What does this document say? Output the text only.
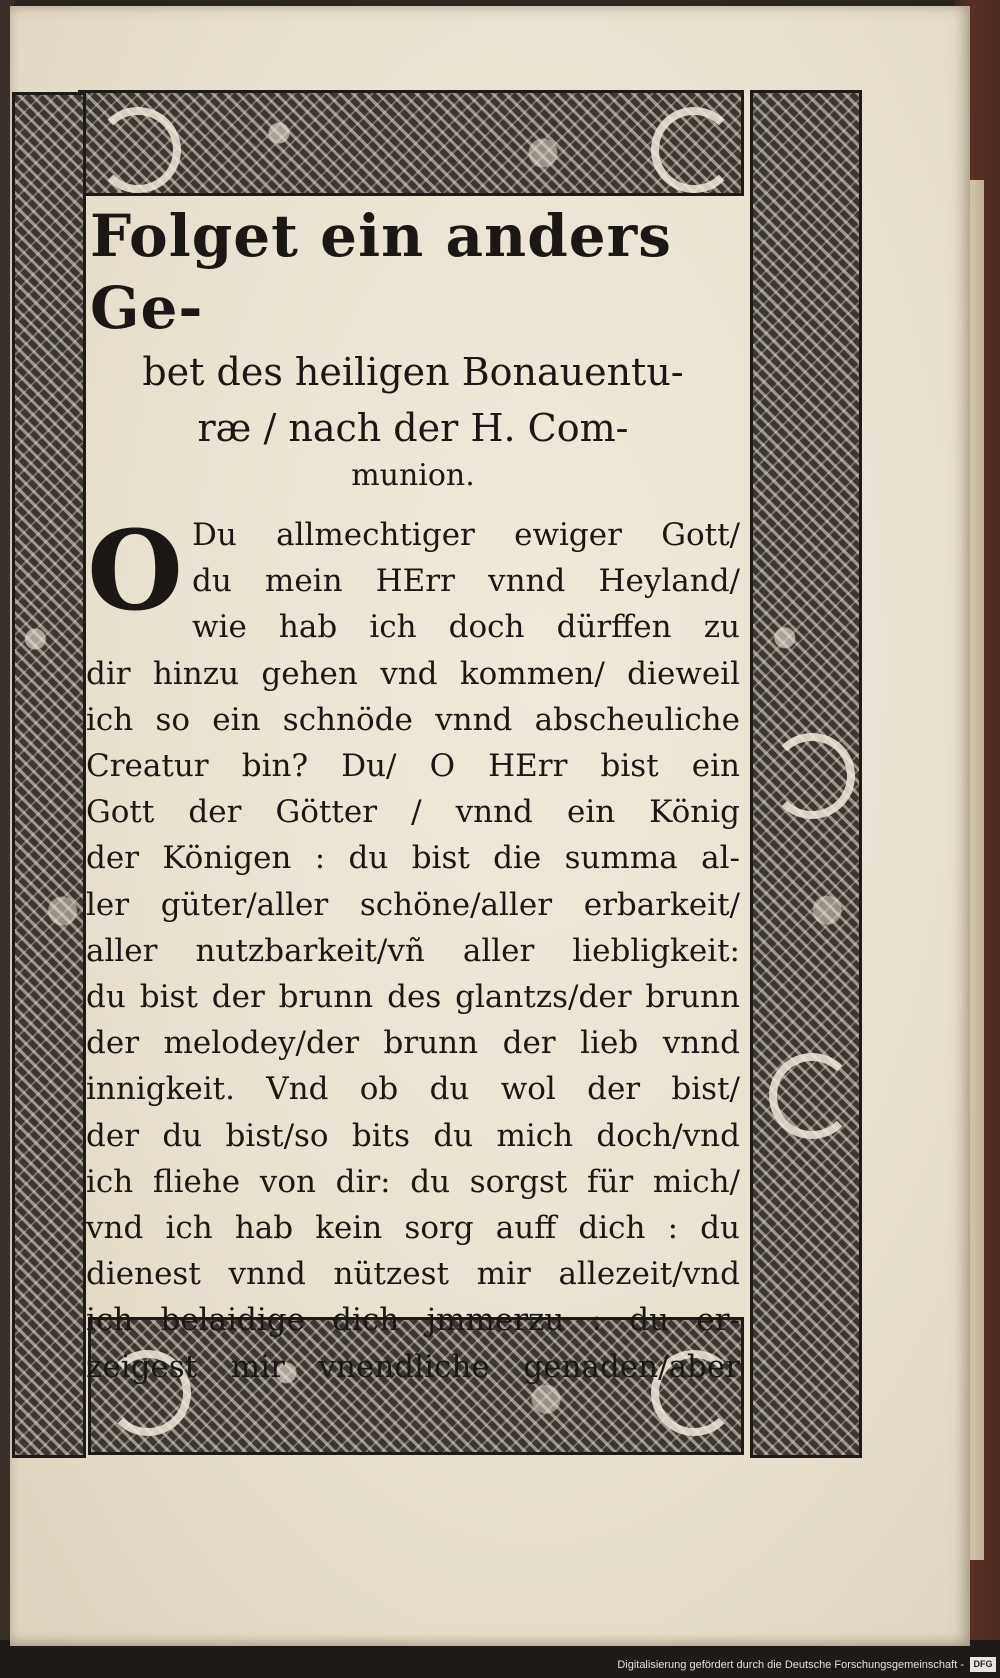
Folget ein anders Ge-

bet des heiligen Bonauentu-

ræ / nach der H. Com-

munion.

O Du allmechtiger ewiger Gott/
du mein HErr vnnd Heyland/
wie hab ich doch dürffen zu
dir hinzu gehen vnd kommen/ dieweil
ich so ein schnöde vnnd abscheuliche
Creatur bin? Du/ O HErr bist ein
Gott der Götter / vnnd ein König
der Königen : du bist die summa al-
ler güter/aller schöne/aller erbarkeit/
aller nutzbarkeit/vñ aller liebligkeit:
du bist der brunn des glantzs/der brunn
der melodey/der brunn der lieb vnnd
innigkeit. Vnd ob du wol der bist/
der du bist/so bits du mich doch/vnd
ich fliehe von dir: du sorgst für mich/
vnd ich hab kein sorg auff dich : du
dienest vnnd nützest mir allezeit/vnd
ich belaidige dich jmmerzu : du er-
zeigest mir vnendliche genaden/aber
Digitalisierung gefördert durch die Deutsche Forschungsgemeinschaft -	DFG
